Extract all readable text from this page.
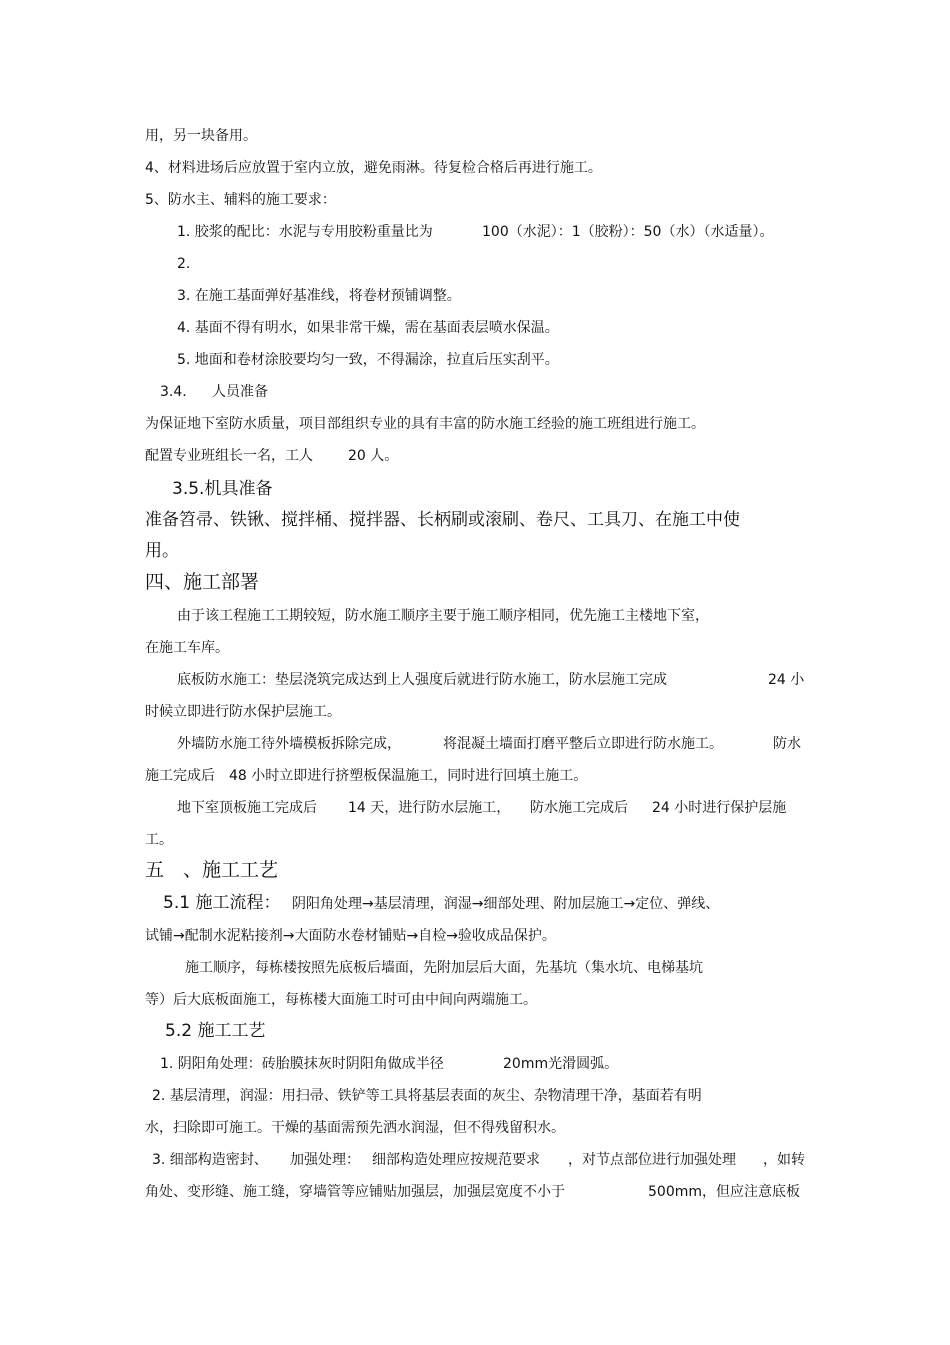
用，另一块备用。
4、材料进场后应放置于室内立放，避免雨淋。待复检合格后再进行施工。
5、防水主、辅料的施工要求：
1. 胶浆的配比：水泥与专用胶粉重量比为	100（水泥）：1（胶粉）：50（水）（水适量）。
2.
3. 在施工基面弹好基准线，将卷材预铺调整。
4. 基面不得有明水，如果非常干燥，需在基面表层喷水保温。
5. 地面和卷材涂胶要均匀一致，不得漏涂，拉直后压实刮平。
3.4. 人员准备
为保证地下室防水质量，项目部组织专业的具有丰富的防水施工经验的施工班组进行施工。
配置专业班组长一名，工人	20 人。
3.5.机具准备
准备笤帚、铁锹、搅拌桶、搅拌器、长柄刷或滚刷、卷尺、工具刀、在施工中使
用。
四、施工部署
由于该工程施工工期较短，防水施工顺序主要于施工顺序相同，优先施工主楼地下室，
在施工车库。
底板防水施工：垫层浇筑完成达到上人强度后就进行防水施工，防水层施工完成	24 小
时候立即进行防水保护层施工。
外墙防水施工待外墙模板拆除完成，	将混凝土墙面打磨平整后立即进行防水施工。	防水
施工完成后　48 小时立即进行挤塑板保温施工，同时进行回填土施工。
地下室顶板施工完成后 14 天，进行防水层施工， 防水施工完成后 24 小时进行保护层施
工。
五　、施工工艺
5.1 施工流程： 阴阳角处理→基层清理，润湿→细部处理、附加层施工→定位、弹线、
试铺→配制水泥粘接剂→大面防水卷材铺贴→自检→验收成品保护。
施工顺序，每栋楼按照先底板后墙面，先附加层后大面，先基坑（集水坑、电梯基坑
等）后大底板面施工，每栋楼大面施工时可由中间向两端施工。
5.2 施工工艺
1. 阴阳角处理：砖胎膜抹灰时阴阳角做成半径	20mm光滑圆弧。
2. 基层清理，润湿：用扫帚、铁铲等工具将基层表面的灰尘、杂物清理干净，基面若有明
水，扫除即可施工。干燥的基面需预先洒水润湿，但不得残留积水。
3. 细部构造密封、 加强处理： 细部构造处理应按规范要求 ，对节点部位进行加强处理 ，如转
角处、变形缝、施工缝，穿墙管等应铺贴加强层，加强层宽度不小于	500mm，但应注意底板
